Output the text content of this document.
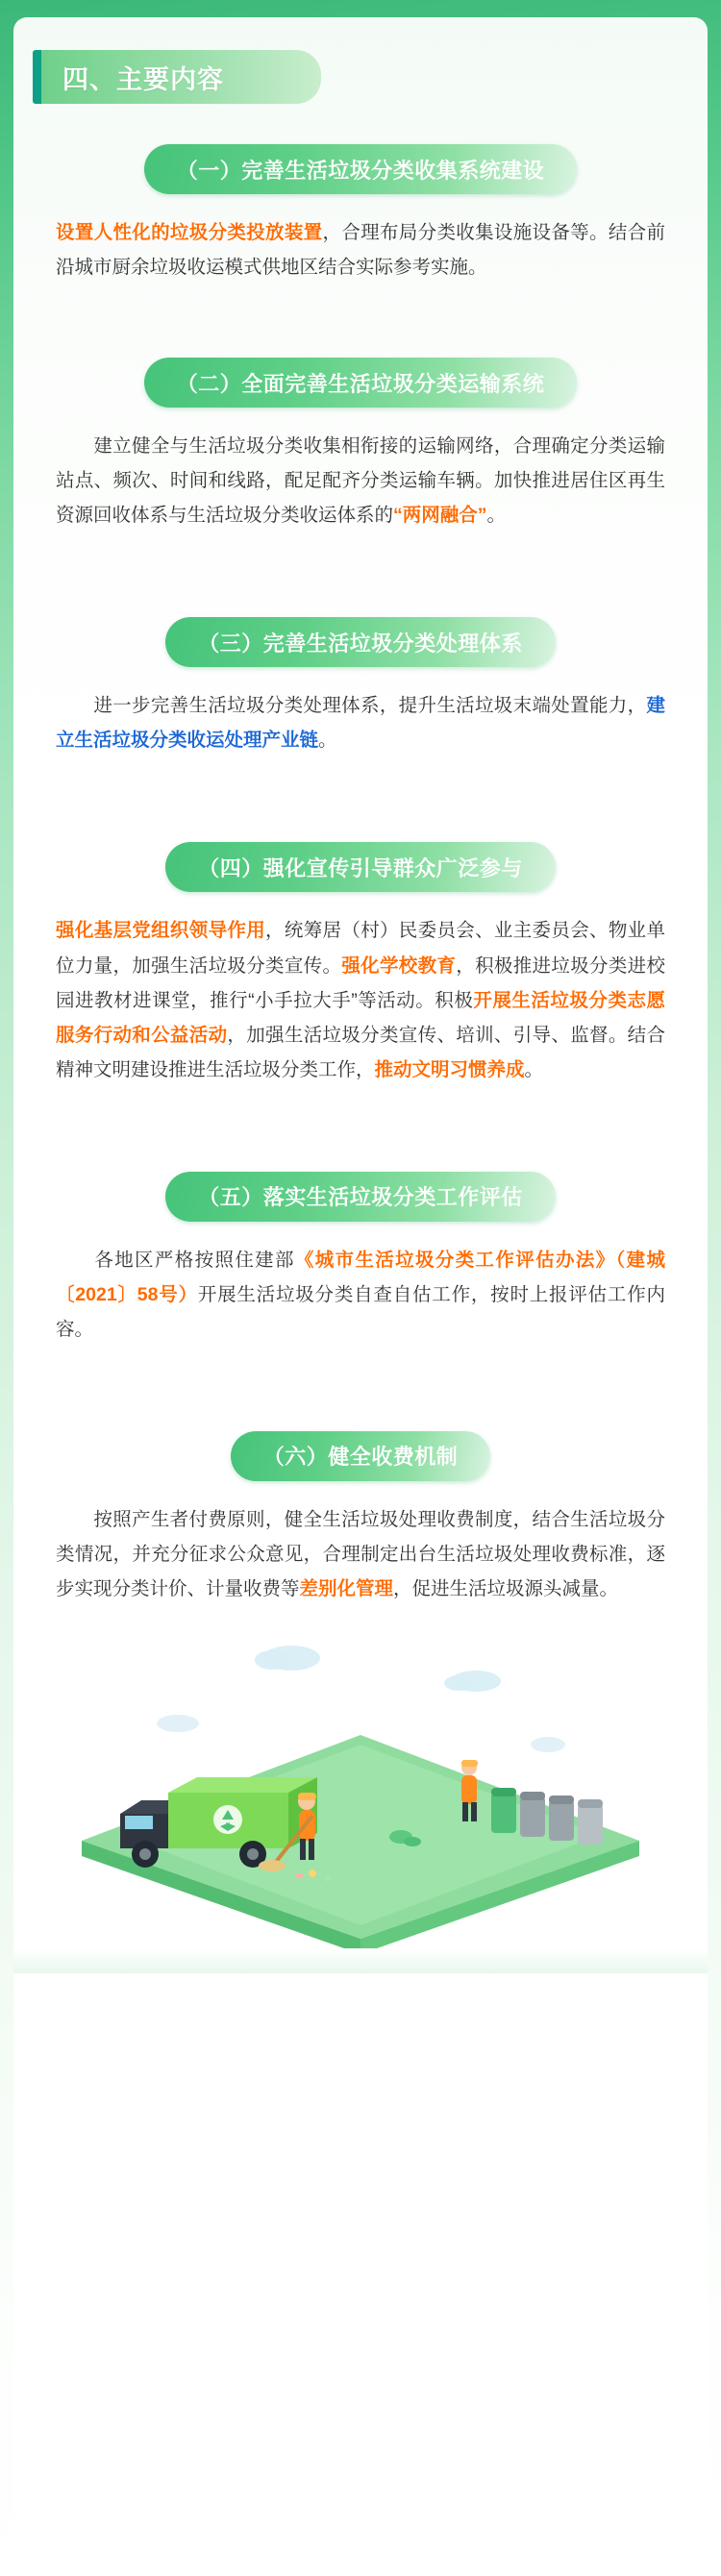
四、主要内容
（一）完善生活垃圾分类收集系统建设

设置人性化的垃圾分类投放装置，合理布局分类收集设施设备等。结合前沿城市厨余垃圾收运模式供地区结合实际参考实施。

（二）全面完善生活垃圾分类运输系统

建立健全与生活垃圾分类收集相衔接的运输网络，合理确定分类运输站点、频次、时间和线路，配足配齐分类运输车辆。加快推进居住区再生资源回收体系与生活垃圾分类收运体系的“两网融合”。

（三）完善生活垃圾分类处理体系

进一步完善生活垃圾分类处理体系，提升生活垃圾末端处置能力，建立生活垃圾分类收运处理产业链。

（四）强化宣传引导群众广泛参与

强化基层党组织领导作用，统筹居（村）民委员会、业主委员会、物业单位力量，加强生活垃圾分类宣传。强化学校教育，积极推进垃圾分类进校园进教材进课堂，推行“小手拉大手”等活动。积极开展生活垃圾分类志愿服务行动和公益活动，加强生活垃圾分类宣传、培训、引导、监督。结合精神文明建设推进生活垃圾分类工作，推动文明习惯养成。

（五）落实生活垃圾分类工作评估

各地区严格按照住建部《城市生活垃圾分类工作评估办法》（建城〔2021〕58号）开展生活垃圾分类自查自估工作，按时上报评估工作内容。

（六）健全收费机制

按照产生者付费原则，健全生活垃圾处理收费制度，结合生活垃圾分类情况，并充分征求公众意见，合理制定出台生活垃圾处理收费标准，逐步实现分类计价、计量收费等差别化管理，促进生活垃圾源头减量。
